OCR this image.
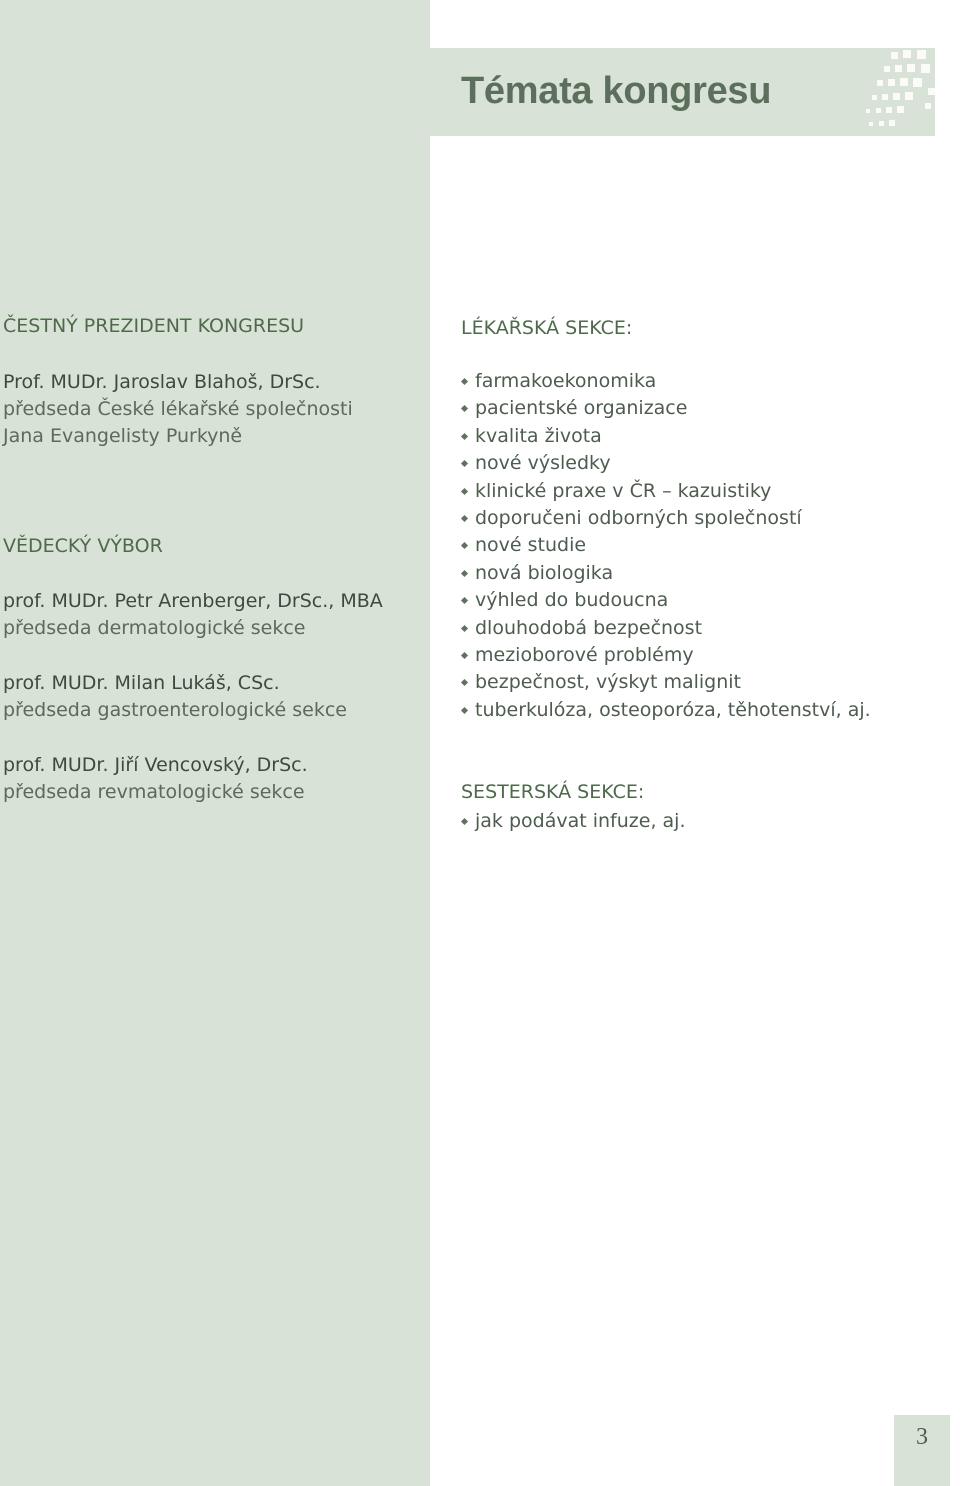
Témata kongresu
ČESTNÝ PREZIDENT KONGRESU
Prof. MUDr. Jaroslav Blahoš, DrSc.
předseda České lékařské společnosti
Jana Evangelisty Purkyně
VĚDECKÝ VÝBOR
prof. MUDr. Petr Arenberger, DrSc., MBA
předseda dermatologické sekce
prof. MUDr. Milan Lukáš, CSc.
předseda gastroenterologické sekce
prof. MUDr. Jiří Vencovský, DrSc.
předseda revmatologické sekce
LÉKAŘSKÁ SEKCE:
farmakoekonomika
pacientské organizace
kvalita života
nové výsledky
klinické praxe v ČR – kazuistiky
doporučeni odborných společností
nové studie
nová biologika
výhled do budoucna
dlouhodobá bezpečnost
mezioborové problémy
bezpečnost, výskyt malignit
tuberkulóza, osteoporóza, těhotenství, aj.
SESTERSKÁ SEKCE:
jak podávat infuze, aj.
3
